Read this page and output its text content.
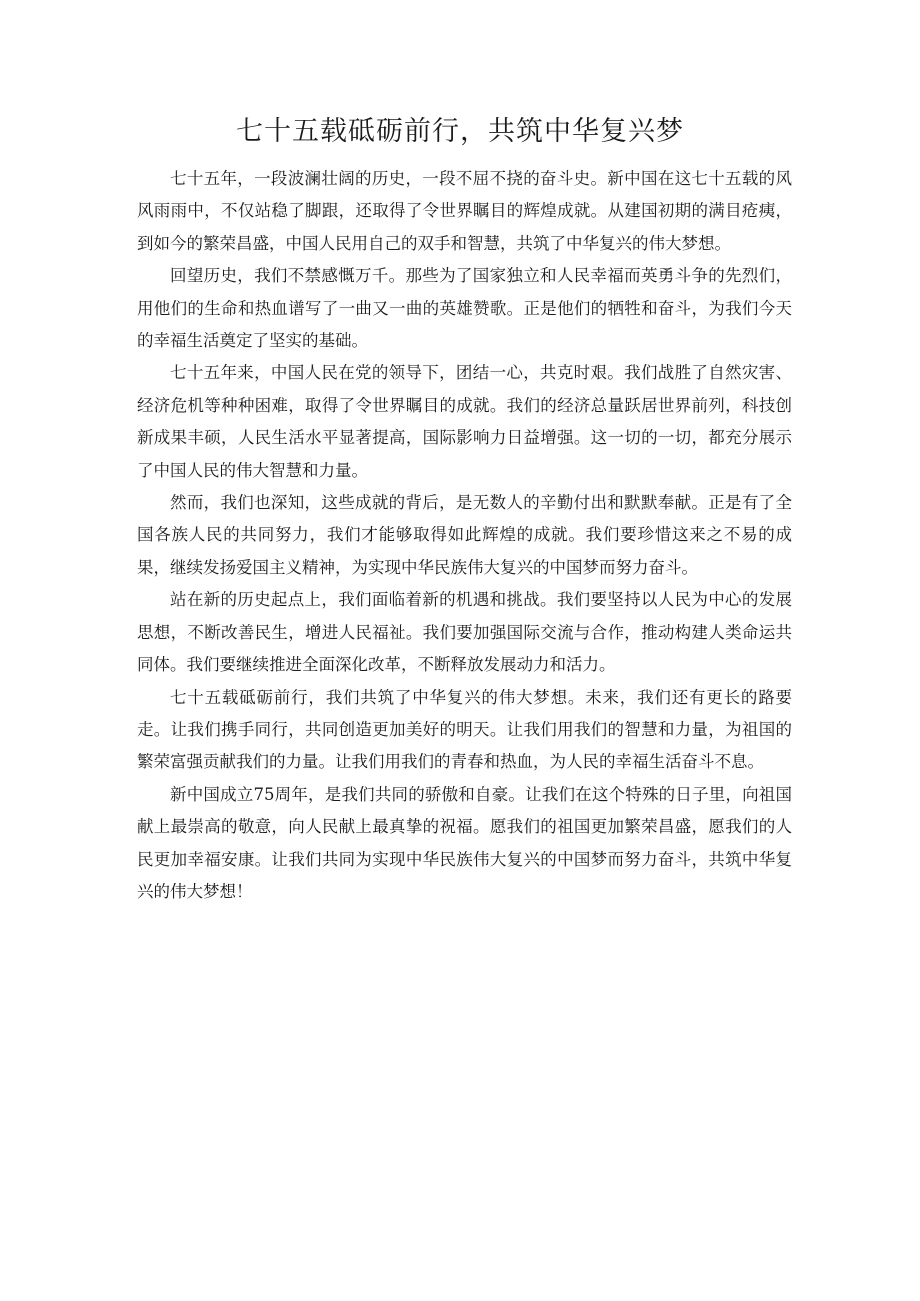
七十五载砥砺前行，共筑中华复兴梦

七十五年，一段波澜壮阔的历史，一段不屈不挠的奋斗史。新中国在这七十五载的风风雨雨中，不仅站稳了脚跟，还取得了令世界瞩目的辉煌成就。从建国初期的满目疮痍，到如今的繁荣昌盛，中国人民用自己的双手和智慧，共筑了中华复兴的伟大梦想。

回望历史，我们不禁感慨万千。那些为了国家独立和人民幸福而英勇斗争的先烈们，用他们的生命和热血谱写了一曲又一曲的英雄赞歌。正是他们的牺牲和奋斗，为我们今天的幸福生活奠定了坚实的基础。

七十五年来，中国人民在党的领导下，团结一心，共克时艰。我们战胜了自然灾害、经济危机等种种困难，取得了令世界瞩目的成就。我们的经济总量跃居世界前列，科技创新成果丰硕，人民生活水平显著提高，国际影响力日益增强。这一切的一切，都充分展示了中国人民的伟大智慧和力量。

然而，我们也深知，这些成就的背后，是无数人的辛勤付出和默默奉献。正是有了全国各族人民的共同努力，我们才能够取得如此辉煌的成就。我们要珍惜这来之不易的成果，继续发扬爱国主义精神，为实现中华民族伟大复兴的中国梦而努力奋斗。

站在新的历史起点上，我们面临着新的机遇和挑战。我们要坚持以人民为中心的发展思想，不断改善民生，增进人民福祉。我们要加强国际交流与合作，推动构建人类命运共同体。我们要继续推进全面深化改革，不断释放发展动力和活力。

七十五载砥砺前行，我们共筑了中华复兴的伟大梦想。未来，我们还有更长的路要走。让我们携手同行，共同创造更加美好的明天。让我们用我们的智慧和力量，为祖国的繁荣富强贡献我们的力量。让我们用我们的青春和热血，为人民的幸福生活奋斗不息。

新中国成立75周年，是我们共同的骄傲和自豪。让我们在这个特殊的日子里，向祖国献上最崇高的敬意，向人民献上最真挚的祝福。愿我们的祖国更加繁荣昌盛，愿我们的人民更加幸福安康。让我们共同为实现中华民族伟大复兴的中国梦而努力奋斗，共筑中华复兴的伟大梦想！
